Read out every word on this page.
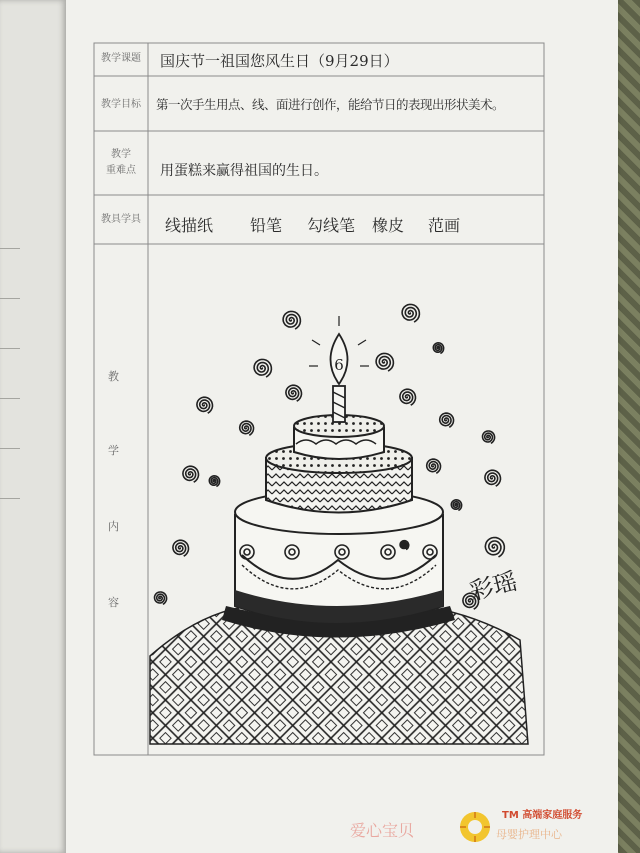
6
彩瑶
教学课题
教学目标
教学
重难点
教具学具
教
学
内
容
国庆节一祖国您风生日（9月29日）
第一次手生用点、线、面进行创作，能给节日的表现出形状美术。
用蛋糕来赢得祖国的生日。
线描纸 铅笔 勾线笔 橡皮 范画
爱心宝贝
TM 高端家庭服务
母婴护理中心
